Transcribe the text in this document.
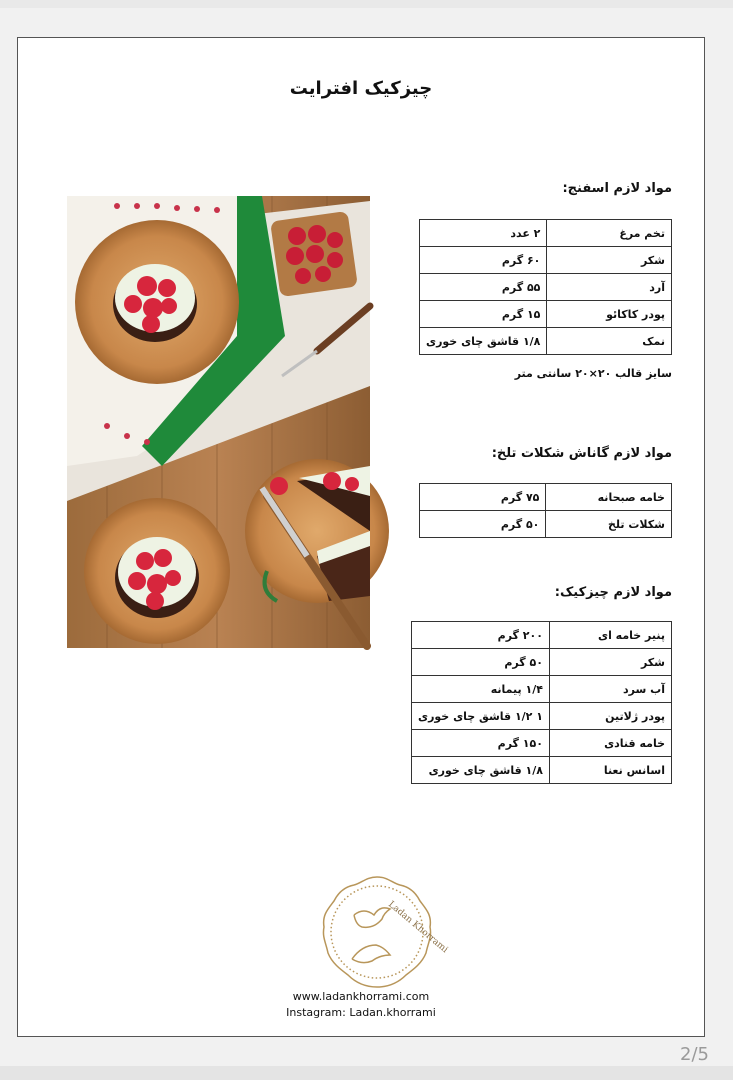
چیزکیک افترایت
مواد لازم اسفنج:
تخم مرغ	۲ عدد
شکر	۶۰ گرم
آرد	۵۵ گرم
پودر کاکائو	۱۵ گرم
نمک	۱/۸ قاشق چای خوری
سایز قالب ۲۰×۲۰ سانتی متر
مواد لازم گاناش شکلات تلخ:
خامه صبحانه	۷۵ گرم
شکلات تلخ	۵۰ گرم
مواد لازم چیزکیک:
پنیر خامه ای	۲۰۰ گرم
شکر	۵۰ گرم
آب سرد	۱/۴ پیمانه
پودر ژلاتین	۱ ۱/۲ قاشق چای خوری
خامه قنادی	۱۵۰ گرم
اسانس نعنا	۱/۸ قاشق چای خوری
Ladan Khorrami
www.ladankhorrami.com
Instagram: Ladan.khorrami
2/5
